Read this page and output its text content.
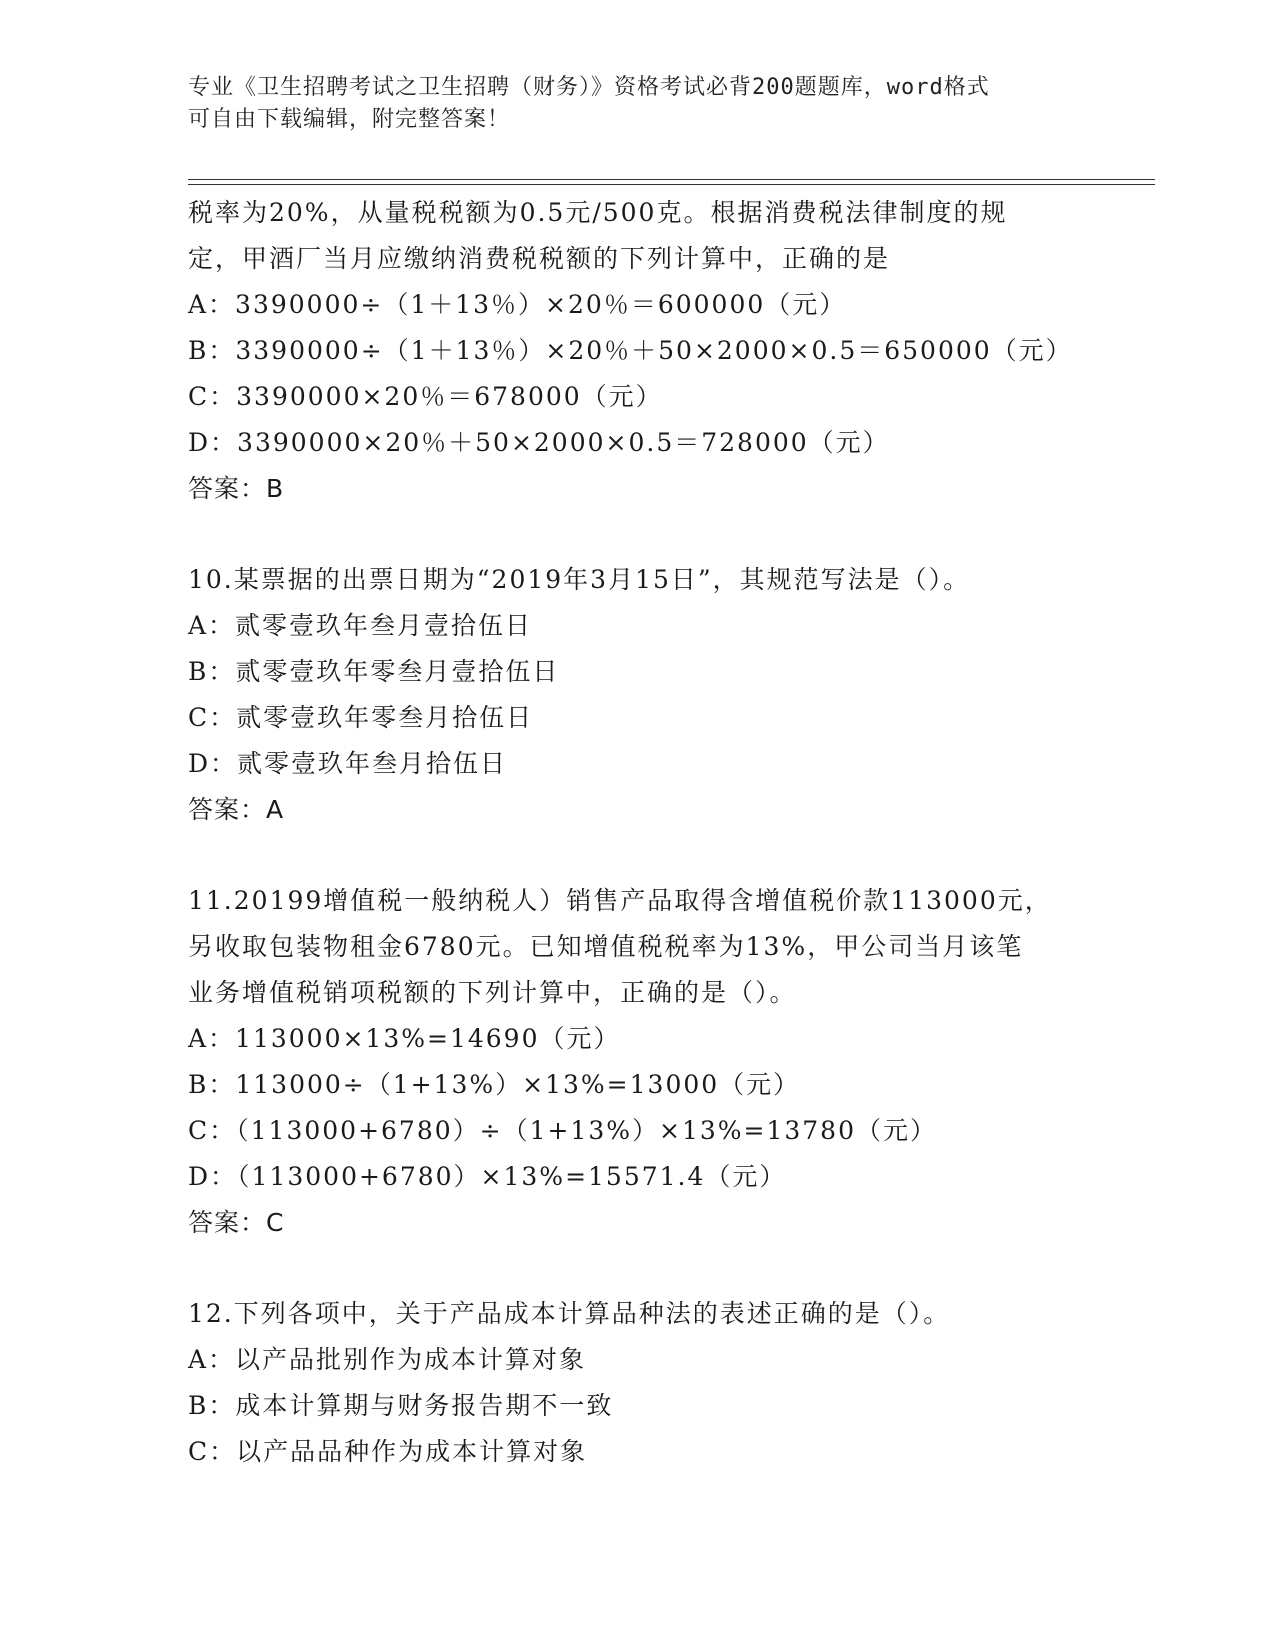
专业《卫生招聘考试之卫生招聘（财务）》资格考试必背200题题库，word格式
可自由下载编辑，附完整答案！
税率为20%，从量税税额为0.5元/500克。根据消费税法律制度的规
定，甲酒厂当月应缴纳消费税税额的下列计算中，正确的是
A：3390000÷（1＋13％）×20％＝600000（元）
B：3390000÷（1＋13％）×20％＋50×2000×0.5＝650000（元）
C：3390000×20％＝678000（元）
D：3390000×20％＋50×2000×0.5＝728000（元）
答案：B
10.某票据的出票日期为“2019年3月15日”，其规范写法是（）。
A：贰零壹玖年叁月壹拾伍日
B：贰零壹玖年零叁月壹拾伍日
C：贰零壹玖年零叁月拾伍日
D：贰零壹玖年叁月拾伍日
答案：A
11.20199增值税一般纳税人）销售产品取得含增值税价款113000元，
另收取包装物租金6780元。已知增值税税率为13%，甲公司当月该笔
业务增值税销项税额的下列计算中，正确的是（）。
A：113000×13%=14690（元）
B：113000÷（1+13%）×13%=13000（元）
C：（113000+6780）÷（1+13%）×13%=13780（元）
D：（113000+6780）×13%=15571.4（元）
答案：C
12.下列各项中，关于产品成本计算品种法的表述正确的是（）。
A：以产品批别作为成本计算对象
B：成本计算期与财务报告期不一致
C：以产品品种作为成本计算对象
